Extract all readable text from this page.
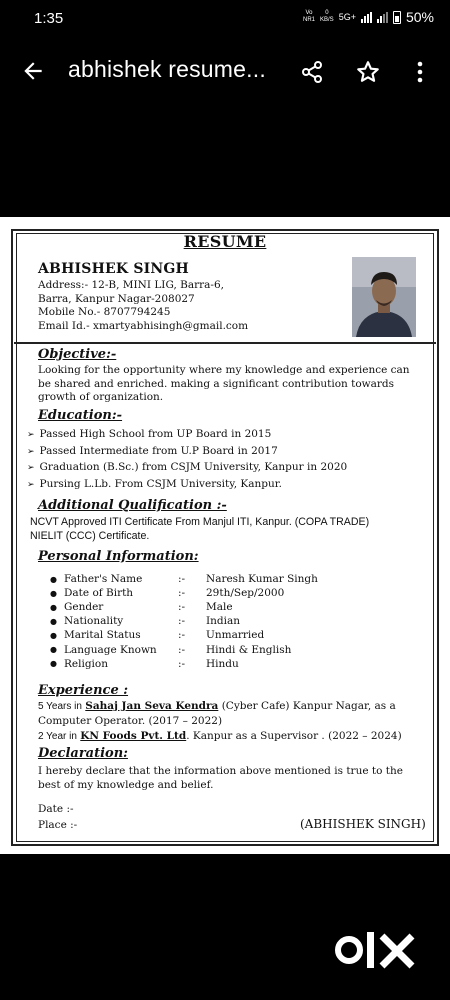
1:35	Vo
NR1
0
KB/S 5G+	50%
abhishek resume...
RESUME
ABHISHEK SINGH
Address:- 12-B, MINI LIG, Barra-6,
Barra, Kanpur Nagar-208027
Mobile No.- 8707794245
Email Id.- xmartyabhisingh@gmail.com
Objective:-
Looking for the opportunity where my knowledge and experience can be shared and enriched. making a significant contribution towards growth of organization.
Education:-
➢ Passed High School from UP Board in 2015
➢ Passed Intermediate from U.P Board in 2017
➢ Graduation (B.Sc.) from CSJM University, Kanpur in 2020
➢ Pursing L.Lb. From CSJM University, Kanpur.
Additional Qualification :-
NCVT Approved ITI Certificate From Manjul ITI, Kanpur. (COPA TRADE)
NIELIT (CCC) Certificate.
Personal Information:
● Father's Name	:-	Naresh Kumar Singh
● Date of Birth	:-	29th/Sep/2000
● Gender	:-	Male
● Nationality	:-	Indian
● Marital Status	:-	Unmarried
● Language Known	:-	Hindi & English
● Religion	:-	Hindu
Experience :
5 Years in Sahaj Jan Seva Kendra (Cyber Cafe) Kanpur Nagar, as a Computer Operator. (2017 – 2022)
2 Year in KN Foods Pvt. Ltd. Kanpur as a Supervisor . (2022 – 2024)
Declaration:
I hereby declare that the information above mentioned is true to the best of my knowledge and belief.
Date :-
Place :-	(ABHISHEK SINGH)
